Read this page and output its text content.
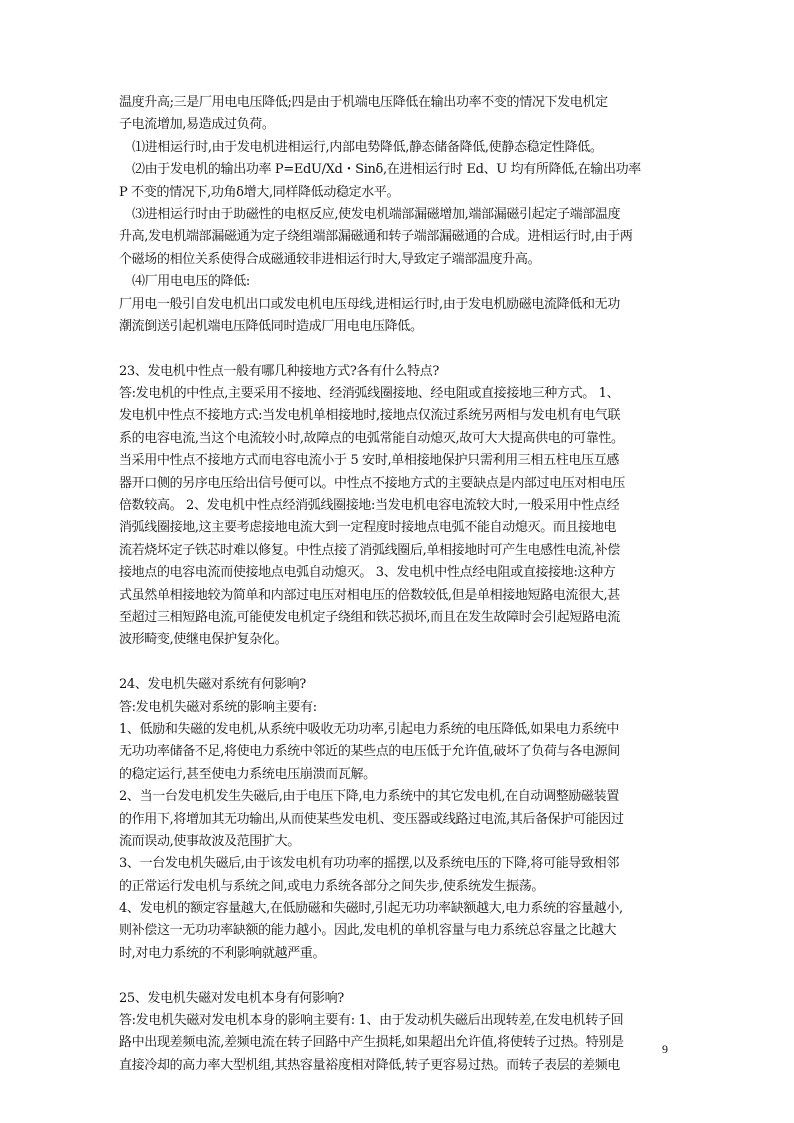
温度升高;三是厂用电电压降低;四是由于机端电压降低在输出功率不变的情况下发电机定
子电流增加,易造成过负荷。
⑴进相运行时,由于发电机进相运行,内部电势降低,静态储备降低,使静态稳定性降低。
⑵由于发电机的输出功率 P=EdU/Xd・Sinδ,在进相运行时 Ed、U 均有所降低,在输出功率
P 不变的情况下,功角δ增大,同样降低动稳定水平。
⑶进相运行时由于助磁性的电枢反应,使发电机端部漏磁增加,端部漏磁引起定子端部温度
升高,发电机端部漏磁通为定子绕组端部漏磁通和转子端部漏磁通的合成。进相运行时,由于两
个磁场的相位关系使得合成磁通较非进相运行时大,导致定子端部温度升高。
⑷厂用电电压的降低:
厂用电一般引自发电机出口或发电机电压母线,进相运行时,由于发电机励磁电流降低和无功
潮流倒送引起机端电压降低同时造成厂用电电压降低。
23、发电机中性点一般有哪几种接地方式?各有什么特点?
答:发电机的中性点,主要采用不接地、经消弧线圈接地、经电阻或直接接地三种方式。 1、
发电机中性点不接地方式:当发电机单相接地时,接地点仅流过系统另两相与发电机有电气联
系的电容电流,当这个电流较小时,故障点的电弧常能自动熄灭,故可大大提高供电的可靠性。
当采用中性点不接地方式而电容电流小于 5 安时,单相接地保护只需利用三相五柱电压互感
器开口侧的另序电压给出信号便可以。中性点不接地方式的主要缺点是内部过电压对相电压
倍数较高。 2、发电机中性点经消弧线圈接地:当发电机电容电流较大时,一般采用中性点经
消弧线圈接地,这主要考虑接地电流大到一定程度时接地点电弧不能自动熄灭。而且接地电
流若烧坏定子铁芯时难以修复。中性点接了消弧线圈后,单相接地时可产生电感性电流,补偿
接地点的电容电流而使接地点电弧自动熄灭。 3、发电机中性点经电阻或直接接地:这种方
式虽然单相接地较为简单和内部过电压对相电压的倍数较低,但是单相接地短路电流很大,甚
至超过三相短路电流,可能使发电机定子绕组和铁芯损坏,而且在发生故障时会引起短路电流
波形畸变,使继电保护复杂化。
24、发电机失磁对系统有何影响?
答:发电机失磁对系统的影响主要有:
1、低励和失磁的发电机,从系统中吸收无功功率,引起电力系统的电压降低,如果电力系统中
无功功率储备不足,将使电力系统中邻近的某些点的电压低于允许值,破坏了负荷与各电源间
的稳定运行,甚至使电力系统电压崩溃而瓦解。
2、当一台发电机发生失磁后,由于电压下降,电力系统中的其它发电机,在自动调整励磁装置
的作用下,将增加其无功输出,从而使某些发电机、变压器或线路过电流,其后备保护可能因过
流而误动,使事故波及范围扩大。
3、一台发电机失磁后,由于该发电机有功功率的摇摆,以及系统电压的下降,将可能导致相邻
的正常运行发电机与系统之间,或电力系统各部分之间失步,使系统发生振荡。
4、发电机的额定容量越大,在低励磁和失磁时,引起无功功率缺额越大,电力系统的容量越小,
则补偿这一无功功率缺额的能力越小。因此,发电机的单机容量与电力系统总容量之比越大
时,对电力系统的不利影响就越严重。
25、发电机失磁对发电机本身有何影响?
答:发电机失磁对发电机本身的影响主要有: 1、由于发动机失磁后出现转差,在发电机转子回
路中出现差频电流,差频电流在转子回路中产生损耗,如果超出允许值,将使转子过热。特别是
直接冷却的高力率大型机组,其热容量裕度相对降低,转子更容易过热。而转子表层的差频电
9
